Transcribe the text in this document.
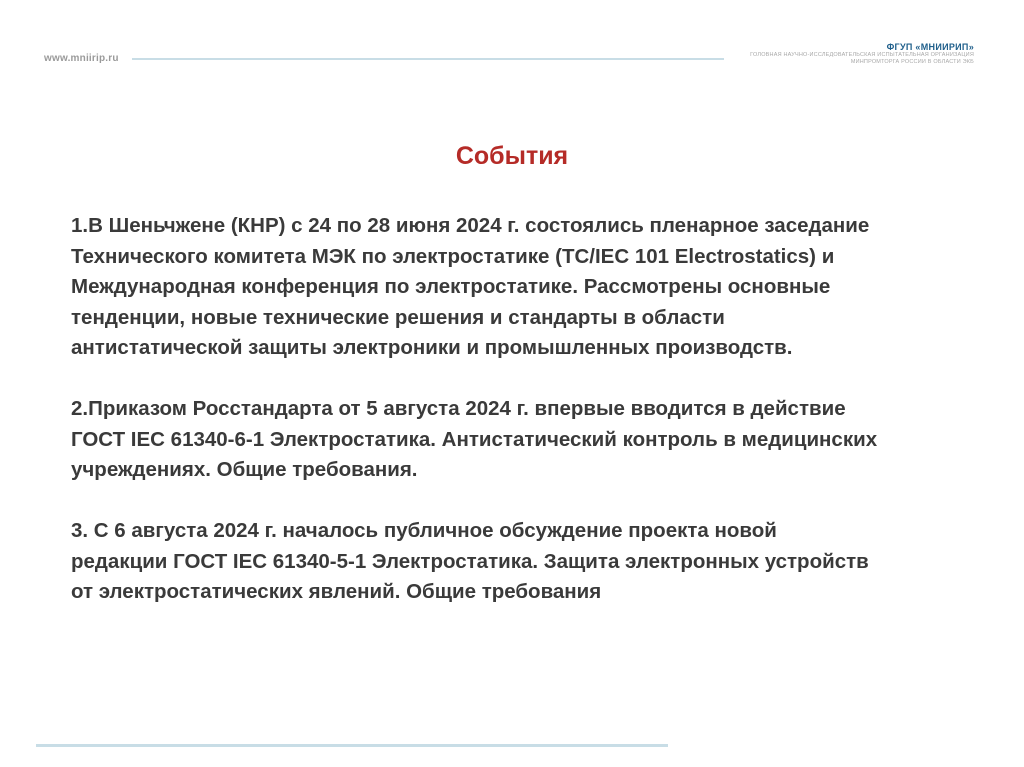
www.mniirip.ru
ФГУП «МНИИРИП»
ГОЛОВНАЯ НАУЧНО-ИССЛЕДОВАТЕЛЬСКАЯ ИСПЫТАТЕЛЬНАЯ ОРГАНИЗАЦИЯ
МИНПРОМТОРГА РОССИИ В ОБЛАСТИ ЭКБ
События
1.В Шеньчжене (КНР) с 24 по 28 июня 2024 г. состоялись пленарное заседание
Технического комитета МЭК по электростатике (TC/IEC 101 Electrostatics) и
Международная конференция по электростатике. Рассмотрены основные
тенденции, новые технические решения и стандарты в области
антистатической защиты электроники и промышленных производств.
2.Приказом Росстандарта от 5 августа 2024 г. впервые вводится в действие
ГОСТ IEC 61340-6-1 Электростатика. Антистатический контроль в медицинских
учреждениях. Общие требования.
3. С 6 августа 2024 г. началось публичное обсуждение проекта новой
редакции ГОСТ IEC 61340-5-1 Электростатика. Защита электронных устройств
от электростатических явлений. Общие требования
